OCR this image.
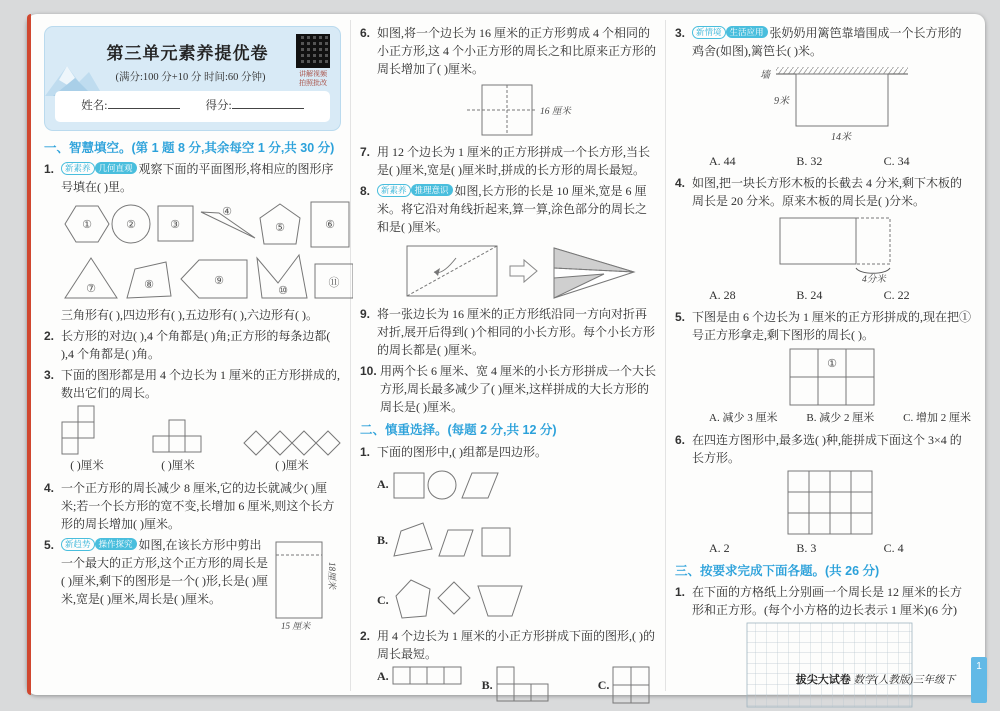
第三单元素养提优卷
(满分:100 分+10 分 时间:60 分钟)	讲解视频
拍照批改
姓名:	得分:
一、智慧填空。(第 1 题 8 分,其余每空 1 分,共 30 分)
1. 新素养 几何直观 观察下面的平面图形,将相应的图形序号填在( )里。
①	②	③
④
⑤	⑥
⑦	⑧	⑨
⑩
⑪
三角形有( ),四边形有( ),五边形有( ),六边形有( )。
2. 长方形的对边( ),4 个角都是( )角;正方形的每条边都( ),4 个角都是( )角。
3. 下面的图形都是用 4 个边长为 1 厘米的正方形拼成的,数出它们的周长。
( )厘米	( )厘米	( )厘米
4. 一个正方形的周长减少 8 厘米,它的边长就减少( )厘米;若一个长方形的宽不变,长增加 6 厘米,则这个长方形的周长增加( )厘米。
5.
18厘米
15 厘米
新趋势 操作探究 如图,在该长方形中剪出一个最大的正方形,这个正方形的周长是( )厘米,剩下的图形是一个( )形,长是( )厘米,宽是( )厘米,周长是( )厘米。
6. 如图,将一个边长为 16 厘米的正方形剪成 4 个相同的小正方形,这 4 个小正方形的周长之和比原来正方形的周长增加了( )厘米。
16 厘米
7. 用 12 个边长为 1 厘米的正方形拼成一个长方形,当长是( )厘米,宽是( )厘米时,拼成的长方形的周长最短。
8. 新素养 推理意识 如图,长方形的长是 10 厘米,宽是 6 厘米。将它沿对角线折起来,算一算,涂色部分的周长之和是( )厘米。
9. 将一张边长为 16 厘米的正方形纸沿同一方向对折再对折,展开后得到( )个相同的小长方形。每个小长方形的周长都是( )厘米。
10. 用两个长 6 厘米、宽 4 厘米的小长方形拼成一个大长方形,周长最多减少了( )厘米,这样拼成的大长方形的周长是( )厘米。
二、慎重选择。(每题 2 分,共 12 分)
1. 下面的图形中,( )组都是四边形。
A.
B.
C.
2. 用 4 个边长为 1 厘米的小正方形拼成下面的图形,( )的周长最短。
A.
B.	C.
3. 新情境 生活应用 张奶奶用篱笆靠墙围成一个长方形的鸡舍(如图),篱笆长( )米。
墙
9米
14米
A. 44	B. 32	C. 34
4. 如图,把一块长方形木板的长截去 4 分米,剩下木板的周长是 20 分米。原来木板的周长是( )分米。
4分米
A. 28	B. 24	C. 22
5. 下图是由 6 个边长为 1 厘米的正方形拼成的,现在把①号正方形拿走,剩下图形的周长( )。
①
A. 减少 3 厘米	B. 减少 2 厘米	C. 增加 2 厘米
6. 在四连方图形中,最多选( )种,能拼成下面这个 3×4 的长方形。
A. 2	B. 3	C. 4
三、按要求完成下面各题。(共 26 分)
1. 在下面的方格纸上分别画一个周长是 12 厘米的长方形和正方形。(每个小方格的边长表示 1 厘米)(6 分)
拔尖大试卷 数学(人教版)三年级下
1
